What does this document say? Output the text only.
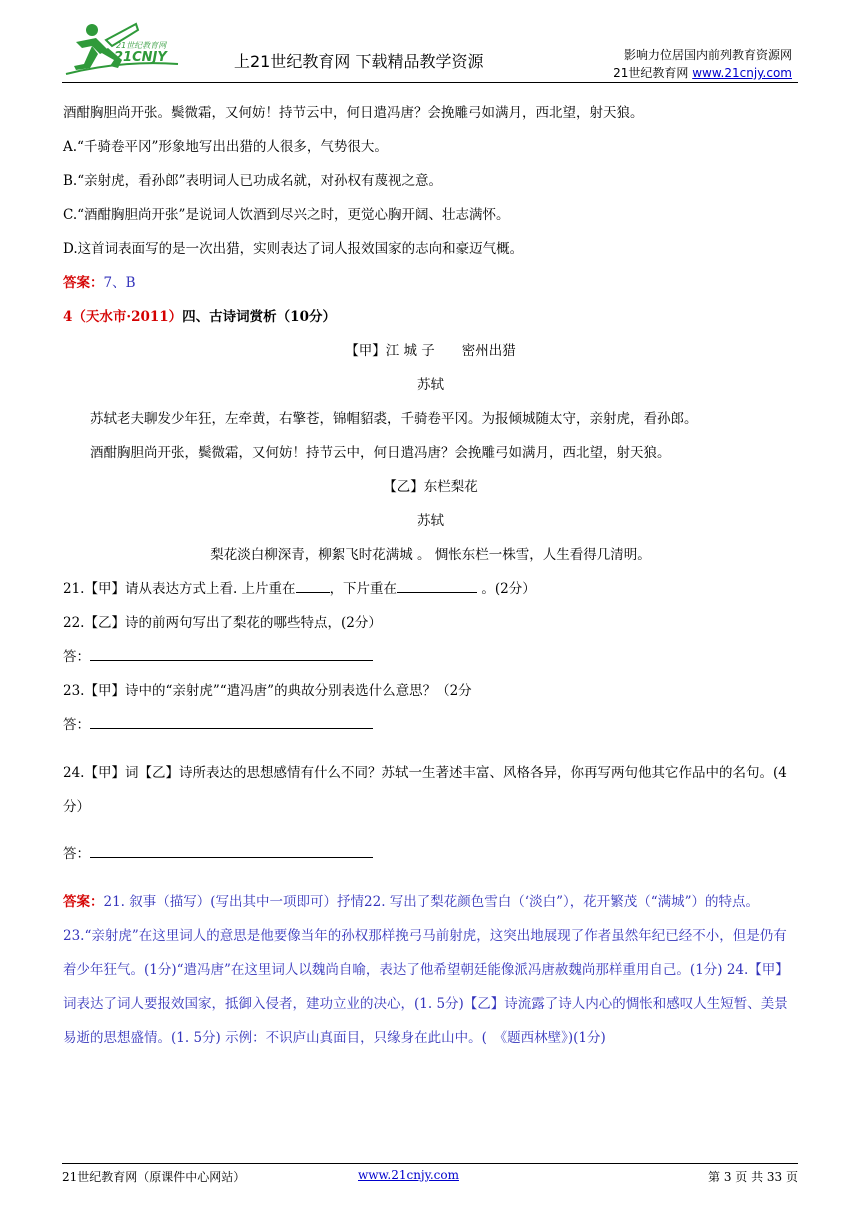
21世纪教育网
21CNJY	上21世纪教育网 下载精品教学资源	影响力位居国内前列教育资源网
21世纪教育网 www.21cnjy.com

酒酣胸胆尚开张。鬓微霜，又何妨！持节云中，何日遣冯唐？会挽雕弓如满月，西北望，射天狼。

A.“千骑卷平冈”形象地写出出猎的人很多，气势很大。

B.“亲射虎，看孙郎”表明词人已功成名就，对孙权有蔑视之意。

C.“酒酣胸胆尚开张”是说词人饮酒到尽兴之时，更觉心胸开阔、壮志满怀。

D.这首词表面写的是一次出猎，实则表达了词人报效国家的志向和豪迈气概。

答案：7、B

4（天水市·2011）四、古诗词赏析（10分）

【甲】江 城 子　　密州出猎

苏轼

苏轼老夫聊发少年狂，左牵黄，右擎苍，锦帽貂裘，千骑卷平冈。为报倾城随太守，亲射虎，看孙郎。

酒酣胸胆尚开张，鬓微霜，又何妨！持节云中，何日遣冯唐？会挽雕弓如满月，西北望，射天狼。

【乙】东栏梨花

苏轼

梨花淡白柳深青，柳絮飞时花满城 。 惆怅东栏一株雪，人生看得几清明。

21.【甲】请从表达方式上看. 上片重在	，下片重在	。(2分）

22.【乙】诗的前两句写出了梨花的哪些特点，(2分）

答：

23.【甲】诗中的“亲射虎”“遣冯唐”的典故分别表选什么意思？（2分

答：

24.【甲】词【乙】诗所表达的思想感情有什么不同？苏轼一生著述丰富、风格各异，你再写两句他其它作品中的名句。(4分）

答：

答案：21. 叙事（描写）(写出其中一项即可）抒情22. 写出了梨花颜色雪白（‘淡白”），花开繁茂（“满城”）的特点。23.“亲射虎”在这里词人的意思是他要像当年的孙权那样挽弓马前射虎，这突出地展现了作者虽然年纪已经不小，但是仍有着少年狂气。(1分)“遣冯唐”在这里词人以魏尚自喻，表达了他希望朝廷能像派冯唐赦魏尚那样重用自己。(1分) 24.【甲】词表达了词人要报效国家，抵御入侵者，建功立业的决心，(1. 5分)【乙】诗流露了诗人内心的惆怅和感叹人生短暂、美景易逝的思想盛情。(1. 5分) 示例：不识庐山真面目，只缘身在此山中。(　《题西林壁》)(1分)

21世纪教育网（原课件中心网站）	www.21cnjy.com	第 3 页 共 33 页
